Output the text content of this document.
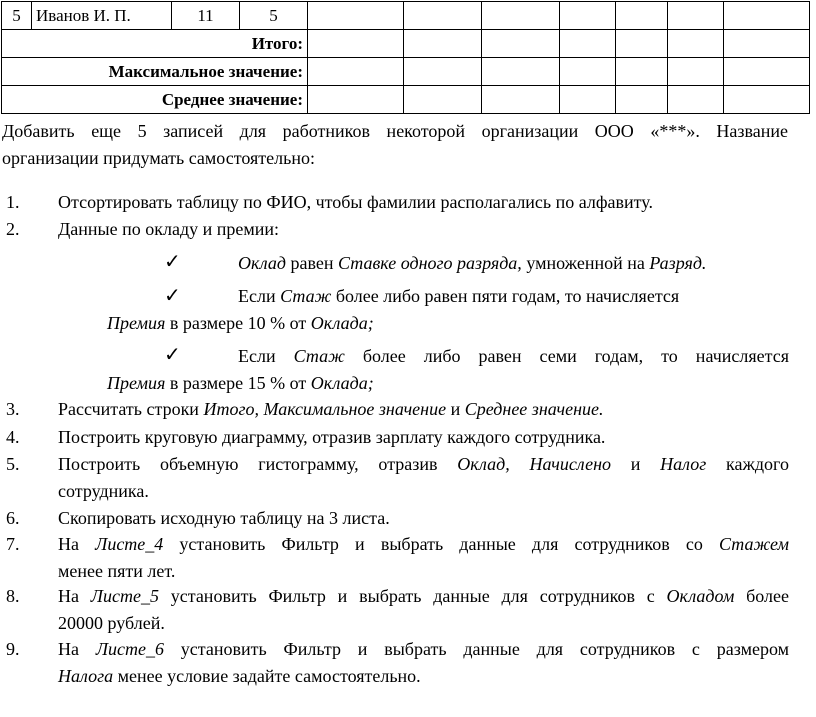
5	Иванов И. П.	11	5							
Итого:										
Максимальное значение:										
Среднее значение:										
Добавить еще 5 записей для работников некоторой организации ООО «***». Название
организации придумать самостоятельно:
1. Отсортировать таблицу по ФИО, чтобы фамилии располагались по алфавиту.
2. Данные по окладу и премии:
✓	Оклад равен Ставке одного разряда, умноженной на Разряд.
✓	Если Стаж более либо равен пяти годам, то начисляется
Премия в размере 10 % от Оклада;
✓	Если Стаж более либо равен семи годам, то начисляется
Премия в размере 15 % от Оклада;
3. Рассчитать строки Итого, Максимальное значение и Среднее значение.
4. Построить круговую диаграмму, отразив зарплату каждого сотрудника.
5. Построить объемную гистограмму, отразив Оклад, Начислено и Налог каждого
сотрудника.
6. Скопировать исходную таблицу на 3 листа.
7. На Листе_4 установить Фильтр и выбрать данные для сотрудников со Стажем
менее пяти лет.
8. На Листе_5 установить Фильтр и выбрать данные для сотрудников с Окладом более
20000 рублей.
9. На Листе_6 установить Фильтр и выбрать данные для сотрудников с размером
Налога менее условие задайте самостоятельно.
